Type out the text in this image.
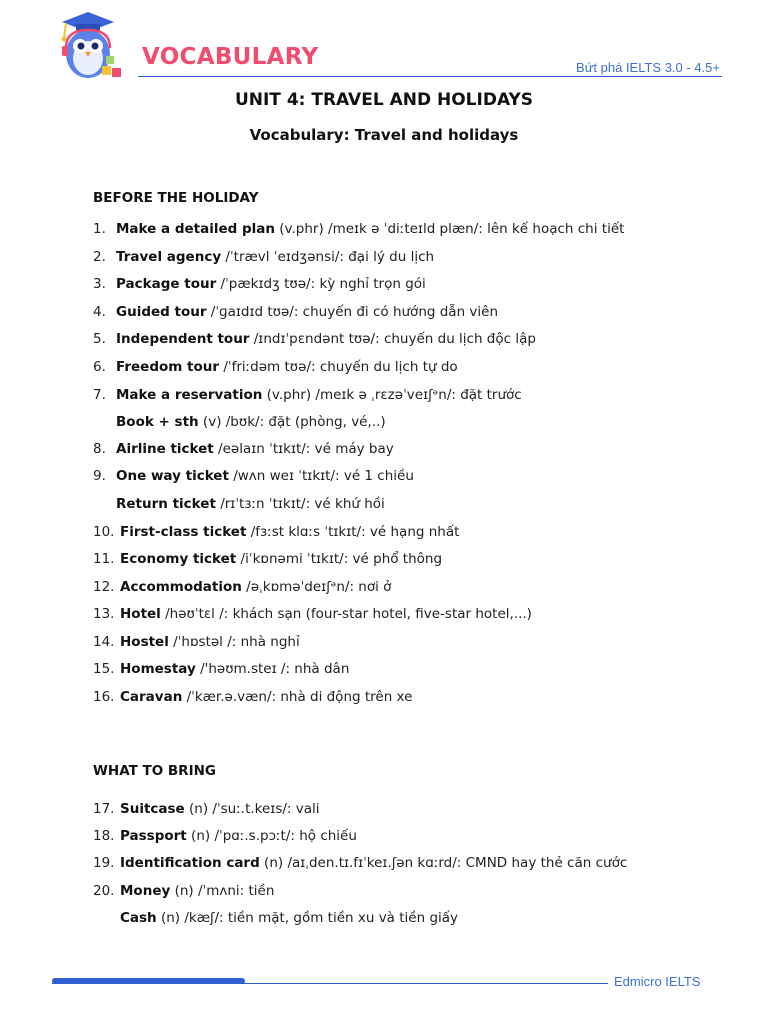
VOCABULARY	Bứt phá IELTS 3.0 - 4.5+
UNIT 4: TRAVEL AND HOLIDAYS
Vocabulary: Travel and holidays
BEFORE THE HOLIDAY
1. Make a detailed plan (v.phr) /meɪk ə ˈdiːteɪld plæn/: lên kế hoạch chi tiết
2. Travel agency /ˈtrævl ˈeɪdʒənsi/: đại lý du lịch
3. Package tour /ˈpækɪdʒ tʊə/: kỳ nghỉ trọn gói
4. Guided tour /ˈɡaɪdɪd tʊə/: chuyến đi có hướng dẫn viên
5. Independent tour /ɪndɪˈpɛndənt tʊə/: chuyến du lịch độc lập
6. Freedom tour /ˈfriːdəm tʊə/: chuyến du lịch tự do
7. Make a reservation (v.phr) /meɪk ə ˌrɛzəˈveɪʃᵊn/: đặt trước
Book + sth (v) /bʊk/: đặt (phòng, vé,..)
8. Airline ticket /eəlaɪn ˈtɪkɪt/: vé máy bay
9. One way ticket /wʌn weɪ ˈtɪkɪt/: vé 1 chiều
Return ticket /rɪˈtɜːn ˈtɪkɪt/: vé khứ hồi
10. First-class ticket /fɜːst klɑːs ˈtɪkɪt/: vé hạng nhất
11. Economy ticket /iˈkɒnəmi ˈtɪkɪt/: vé phổ thông
12. Accommodation /əˌkɒməˈdeɪʃᵊn/: nơi ở
13. Hotel /həʊˈtɛl /: khách sạn (four-star hotel, five-star hotel,...)
14. Hostel /ˈhɒstəl /: nhà nghỉ
15. Homestay /'həʊm.steɪ /: nhà dân
16. Caravan /ˈkær.ə.væn/: nhà di động trên xe
WHAT TO BRING
17. Suitcase (n) /ˈsuː.t.keɪs/: vali
18. Passport (n) /ˈpɑː.s.pɔːt/: hộ chiếu
19. Identification card (n) /aɪˌden.tɪ.fɪˈkeɪ.ʃən kɑːrd/: CMND hay thẻ căn cước
20. Money (n) /ˈmʌni: tiền
Cash (n) /kæʃ/: tiền mặt, gồm tiền xu và tiền giấy
Edmicro IELTS
